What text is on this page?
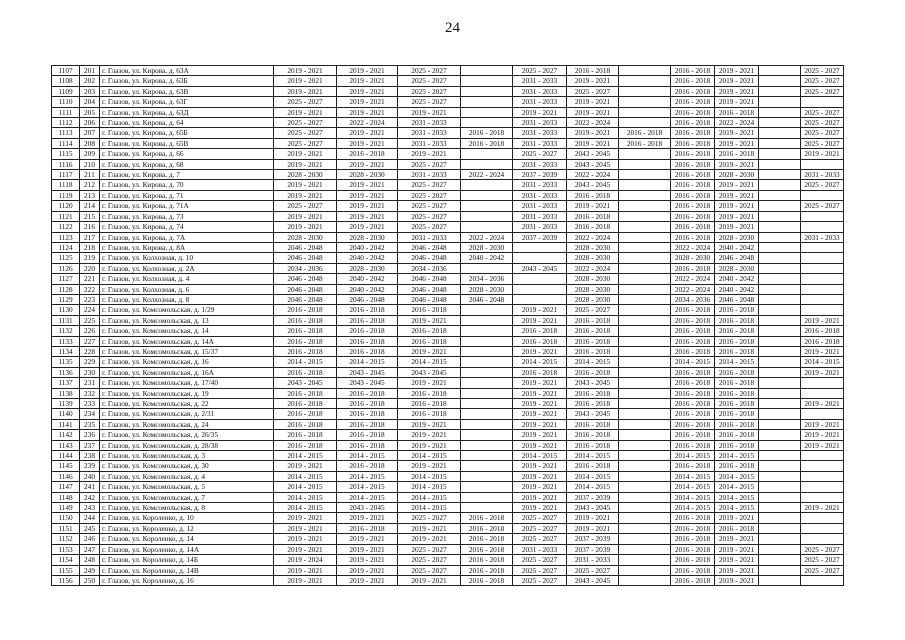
24
1107	201	г. Глазов, ул. Кирова, д. 63А	2019 - 2021	2019 - 2021	2025 - 2027		2025 - 2027	2016 - 2018		2016 - 2018	2019 - 2021		2025 - 2027
1108	202	г. Глазов, ул. Кирова, д. 63Б	2019 - 2021	2019 - 2021	2025 - 2027		2031 - 2033	2019 - 2021		2016 - 2018	2019 - 2021		2025 - 2027
1109	203	г. Глазов, ул. Кирова, д. 63В	2019 - 2021	2019 - 2021	2025 - 2027		2031 - 2033	2025 - 2027		2016 - 2018	2019 - 2021		2025 - 2027
1110	204	г. Глазов, ул. Кирова, д. 63Г	2025 - 2027	2019 - 2021	2025 - 2027		2031 - 2033	2019 - 2021		2016 - 2018	2019 - 2021		
1111	205	г. Глазов, ул. Кирова, д. 63Д	2019 - 2021	2019 - 2021	2019 - 2021		2019 - 2021	2019 - 2021		2016 - 2018	2016 - 2018		2025 - 2027
1112	206	г. Глазов, ул. Кирова, д. 64	2025 - 2027	2022 - 2024	2031 - 2033		2031 - 2033	2022 - 2024		2016 - 2018	2022 - 2024		2025 - 2027
1113	207	г. Глазов, ул. Кирова, д. 65Б	2025 - 2027	2019 - 2021	2031 - 2033	2016 - 2018	2031 - 2033	2019 - 2021	2016 - 2018	2016 - 2018	2019 - 2021		2025 - 2027
1114	208	г. Глазов, ул. Кирова, д. 65В	2025 - 2027	2019 - 2021	2031 - 2033	2016 - 2018	2031 - 2033	2019 - 2021	2016 - 2018	2016 - 2018	2019 - 2021		2025 - 2027
1115	209	г. Глазов, ул. Кирова, д. 66	2019 - 2021	2016 - 2018	2019 - 2021		2025 - 2027	2043 - 2045		2016 - 2018	2016 - 2018		2019 - 2021
1116	210	г. Глазов, ул. Кирова, д. 68	2019 - 2021	2019 - 2021	2025 - 2027		2031 - 2033	2043 - 2045		2016 - 2018	2019 - 2021		
1117	211	г. Глазов, ул. Кирова, д. 7	2028 - 2030	2028 - 2030	2031 - 2033	2022 - 2024	2037 - 2039	2022 - 2024		2016 - 2018	2028 - 2030		2031 - 2033
1118	212	г. Глазов, ул. Кирова, д. 70	2019 - 2021	2019 - 2021	2025 - 2027		2031 - 2033	2043 - 2045		2016 - 2018	2019 - 2021		2025 - 2027
1119	213	г. Глазов, ул. Кирова, д. 71	2019 - 2021	2019 - 2021	2025 - 2027		2031 - 2033	2016 - 2018		2016 - 2018	2019 - 2021		
1120	214	г. Глазов, ул. Кирова, д. 71А	2025 - 2027	2019 - 2021	2025 - 2027		2031 - 2033	2019 - 2021		2016 - 2018	2019 - 2021		2025 - 2027
1121	215	г. Глазов, ул. Кирова, д. 73	2019 - 2021	2019 - 2021	2025 - 2027		2031 - 2033	2016 - 2018		2016 - 2018	2019 - 2021		
1122	216	г. Глазов, ул. Кирова, д. 74	2019 - 2021	2019 - 2021	2025 - 2027		2031 - 2033	2016 - 2018		2016 - 2018	2019 - 2021		
1123	217	г. Глазов, ул. Кирова, д. 7А	2028 - 2030	2028 - 2030	2031 - 2033	2022 - 2024	2037 - 2039	2022 - 2024		2016 - 2018	2028 - 2030		2031 - 2033
1124	218	г. Глазов, ул. Кирова, д. 8А	2046 - 2048	2040 - 2042	2046 - 2048	2028 - 2030		2028 - 2030		2022 - 2024	2040 - 2042		
1125	219	г. Глазов, ул. Колхозная, д. 10	2046 - 2048	2040 - 2042	2046 - 2048	2040 - 2042		2028 - 2030		2028 - 2030	2046 - 2048		
1126	220	г. Глазов, ул. Колхозная, д. 2А	2034 - 2036	2028 - 2030	2034 - 2036		2043 - 2045	2022 - 2024		2016 - 2018	2028 - 2030		
1127	221	г. Глазов, ул. Колхозная, д. 4	2046 - 2048	2040 - 2042	2046 - 2048	2034 - 2036		2028 - 2030		2022 - 2024	2040 - 2042		
1128	222	г. Глазов, ул. Колхозная, д. 6	2046 - 2048	2040 - 2042	2046 - 2048	2028 - 2030		2028 - 2030		2022 - 2024	2040 - 2042		
1129	223	г. Глазов, ул. Колхозная, д. 8	2046 - 2048	2046 - 2048	2046 - 2048	2046 - 2048		2028 - 2030		2034 - 2036	2046 - 2048		
1130	224	г. Глазов, ул. Комсомольская, д. 1/29	2016 - 2018	2016 - 2018	2016 - 2018		2019 - 2021	2025 - 2027		2016 - 2018	2016 - 2018		
1131	225	г. Глазов, ул. Комсомольская, д. 13	2016 - 2018	2016 - 2018	2019 - 2021		2019 - 2021	2016 - 2018		2016 - 2018	2016 - 2018		2019 - 2021
1132	226	г. Глазов, ул. Комсомольская, д. 14	2016 - 2018	2016 - 2018	2016 - 2018		2016 - 2018	2016 - 2018		2016 - 2018	2016 - 2018		2016 - 2018
1133	227	г. Глазов, ул. Комсомольская, д. 14А	2016 - 2018	2016 - 2018	2016 - 2018		2016 - 2018	2016 - 2018		2016 - 2018	2016 - 2018		2016 - 2018
1134	228	г. Глазов, ул. Комсомольская, д. 15/37	2016 - 2018	2016 - 2018	2019 - 2021		2019 - 2021	2016 - 2018		2016 - 2018	2016 - 2018		2019 - 2021
1135	229	г. Глазов, ул. Комсомольская, д. 16	2014 - 2015	2014 - 2015	2014 - 2015		2014 - 2015	2014 - 2015		2014 - 2015	2014 - 2015		2014 - 2015
1136	230	г. Глазов, ул. Комсомольская, д. 16А	2016 - 2018	2043 - 2045	2043 - 2045		2016 - 2018	2016 - 2018		2016 - 2018	2016 - 2018		2019 - 2021
1137	231	г. Глазов, ул. Комсомольская, д. 17/40	2043 - 2045	2043 - 2045	2019 - 2021		2019 - 2021	2043 - 2045		2016 - 2018	2016 - 2018		
1138	232	г. Глазов, ул. Комсомольская, д. 19	2016 - 2018	2016 - 2018	2016 - 2018		2019 - 2021	2016 - 2018		2016 - 2018	2016 - 2018		
1139	233	г. Глазов, ул. Комсомольская, д. 22	2016 - 2018	2016 - 2018	2016 - 2018		2019 - 2021	2016 - 2018		2016 - 2018	2016 - 2018		2019 - 2021
1140	234	г. Глазов, ул. Комсомольская, д. 2/31	2016 - 2018	2016 - 2018	2016 - 2018		2019 - 2021	2043 - 2045		2016 - 2018	2016 - 2018		
1141	235	г. Глазов, ул. Комсомольская, д. 24	2016 - 2018	2016 - 2018	2019 - 2021		2019 - 2021	2016 - 2018		2016 - 2018	2016 - 2018		2019 - 2021
1142	236	г. Глазов, ул. Комсомольская, д. 26/35	2016 - 2018	2016 - 2018	2019 - 2021		2019 - 2021	2016 - 2018		2016 - 2018	2016 - 2018		2019 - 2021
1143	237	г. Глазов, ул. Комсомольская, д. 28/38	2016 - 2018	2016 - 2018	2019 - 2021		2019 - 2021	2016 - 2018		2016 - 2018	2016 - 2018		2019 - 2021
1144	238	г. Глазов, ул. Комсомольская, д. 3	2014 - 2015	2014 - 2015	2014 - 2015		2014 - 2015	2014 - 2015		2014 - 2015	2014 - 2015		
1145	239	г. Глазов, ул. Комсомольская, д. 30	2019 - 2021	2016 - 2018	2019 - 2021		2019 - 2021	2016 - 2018		2016 - 2018	2016 - 2018		
1146	240	г. Глазов, ул. Комсомольская, д. 4	2014 - 2015	2014 - 2015	2014 - 2015		2019 - 2021	2014 - 2015		2014 - 2015	2014 - 2015		
1147	241	г. Глазов, ул. Комсомольская, д. 5	2014 - 2015	2014 - 2015	2014 - 2015		2019 - 2021	2014 - 2015		2014 - 2015	2014 - 2015		
1148	242	г. Глазов, ул. Комсомольская, д. 7	2014 - 2015	2014 - 2015	2014 - 2015		2019 - 2021	2037 - 2039		2014 - 2015	2014 - 2015		
1149	243	г. Глазов, ул. Комсомольская, д. 8	2014 - 2015	2043 - 2045	2014 - 2015		2019 - 2021	2043 - 2045		2014 - 2015	2014 - 2015		2019 - 2021
1150	244	г. Глазов, ул. Короленко, д. 10	2019 - 2021	2019 - 2021	2025 - 2027	2016 - 2018	2025 - 2027	2019 - 2021		2016 - 2018	2019 - 2021		
1151	245	г. Глазов, ул. Короленко, д. 12	2019 - 2021	2016 - 2018	2019 - 2021	2016 - 2018	2025 - 2027	2019 - 2021		2016 - 2018	2016 - 2018		
1152	246	г. Глазов, ул. Короленко, д. 14	2019 - 2021	2019 - 2021	2019 - 2021	2016 - 2018	2025 - 2027	2037 - 2039		2016 - 2018	2019 - 2021		
1153	247	г. Глазов, ул. Короленко, д. 14А	2019 - 2021	2019 - 2021	2025 - 2027	2016 - 2018	2031 - 2033	2037 - 2039		2016 - 2018	2019 - 2021		2025 - 2027
1154	248	г. Глазов, ул. Короленко, д. 14Б	2019 - 2024	2019 - 2021	2025 - 2027	2016 - 2018	2025 - 2027	2031 - 2033		2016 - 2018	2019 - 2021		2025 - 2027
1155	249	г. Глазов, ул. Короленко, д. 14В	2019 - 2021	2019 - 2021	2025 - 2027	2016 - 2018	2025 - 2027	2025 - 2027		2016 - 2018	2019 - 2021		2025 - 2027
1156	250	г. Глазов, ул. Короленко, д. 16	2019 - 2021	2019 - 2021	2019 - 2021	2016 - 2018	2025 - 2027	2043 - 2045		2016 - 2018	2019 - 2021		
